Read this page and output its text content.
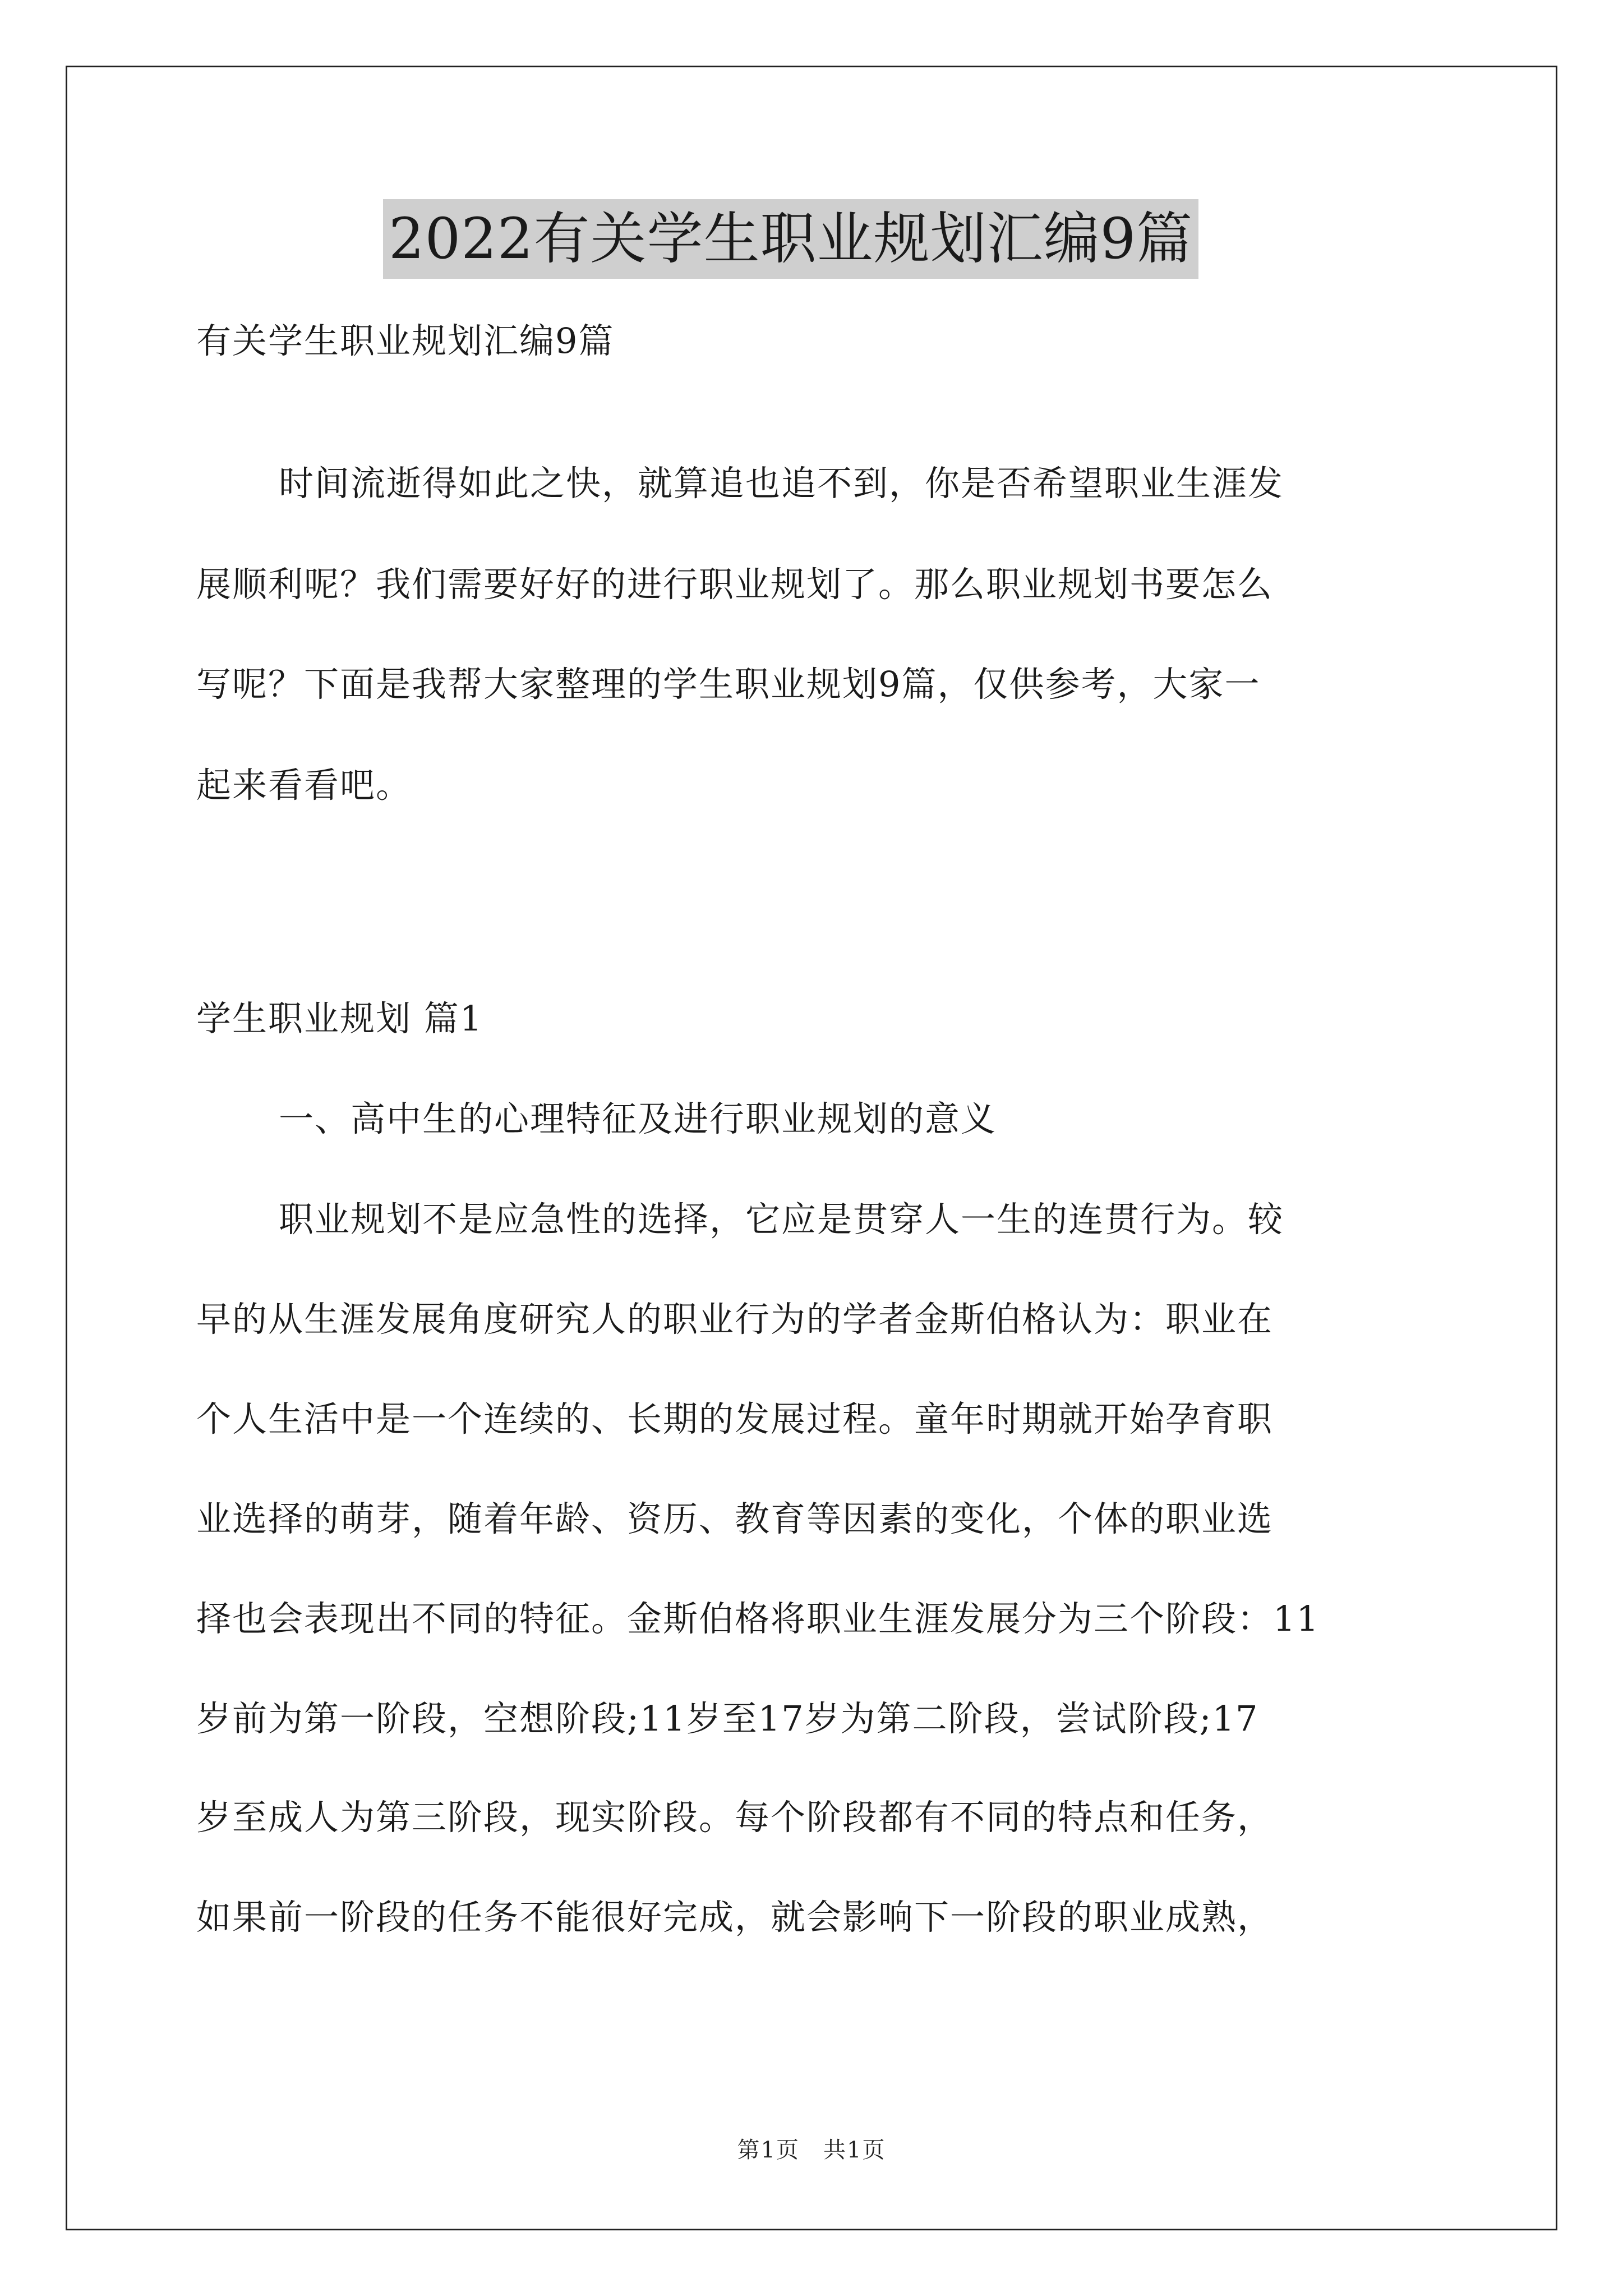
2022有关学生职业规划汇编9篇
有关学生职业规划汇编9篇
时间流逝得如此之快，就算追也追不到，你是否希望职业生涯发
展顺利呢？我们需要好好的进行职业规划了。那么职业规划书要怎么
写呢？下面是我帮大家整理的学生职业规划9篇，仅供参考，大家一
起来看看吧。
学生职业规划 篇1
一、高中生的心理特征及进行职业规划的意义
职业规划不是应急性的选择，它应是贯穿人一生的连贯行为。较
早的从生涯发展角度研究人的职业行为的学者金斯伯格认为：职业在
个人生活中是一个连续的、长期的发展过程。童年时期就开始孕育职
业选择的萌芽，随着年龄、资历、教育等因素的变化，个体的职业选
择也会表现出不同的特征。金斯伯格将职业生涯发展分为三个阶段：11
岁前为第一阶段，空想阶段;11岁至17岁为第二阶段，尝试阶段;17
岁至成人为第三阶段，现实阶段。每个阶段都有不同的特点和任务，
如果前一阶段的任务不能很好完成，就会影响下一阶段的职业成熟，
第1页　共1页
